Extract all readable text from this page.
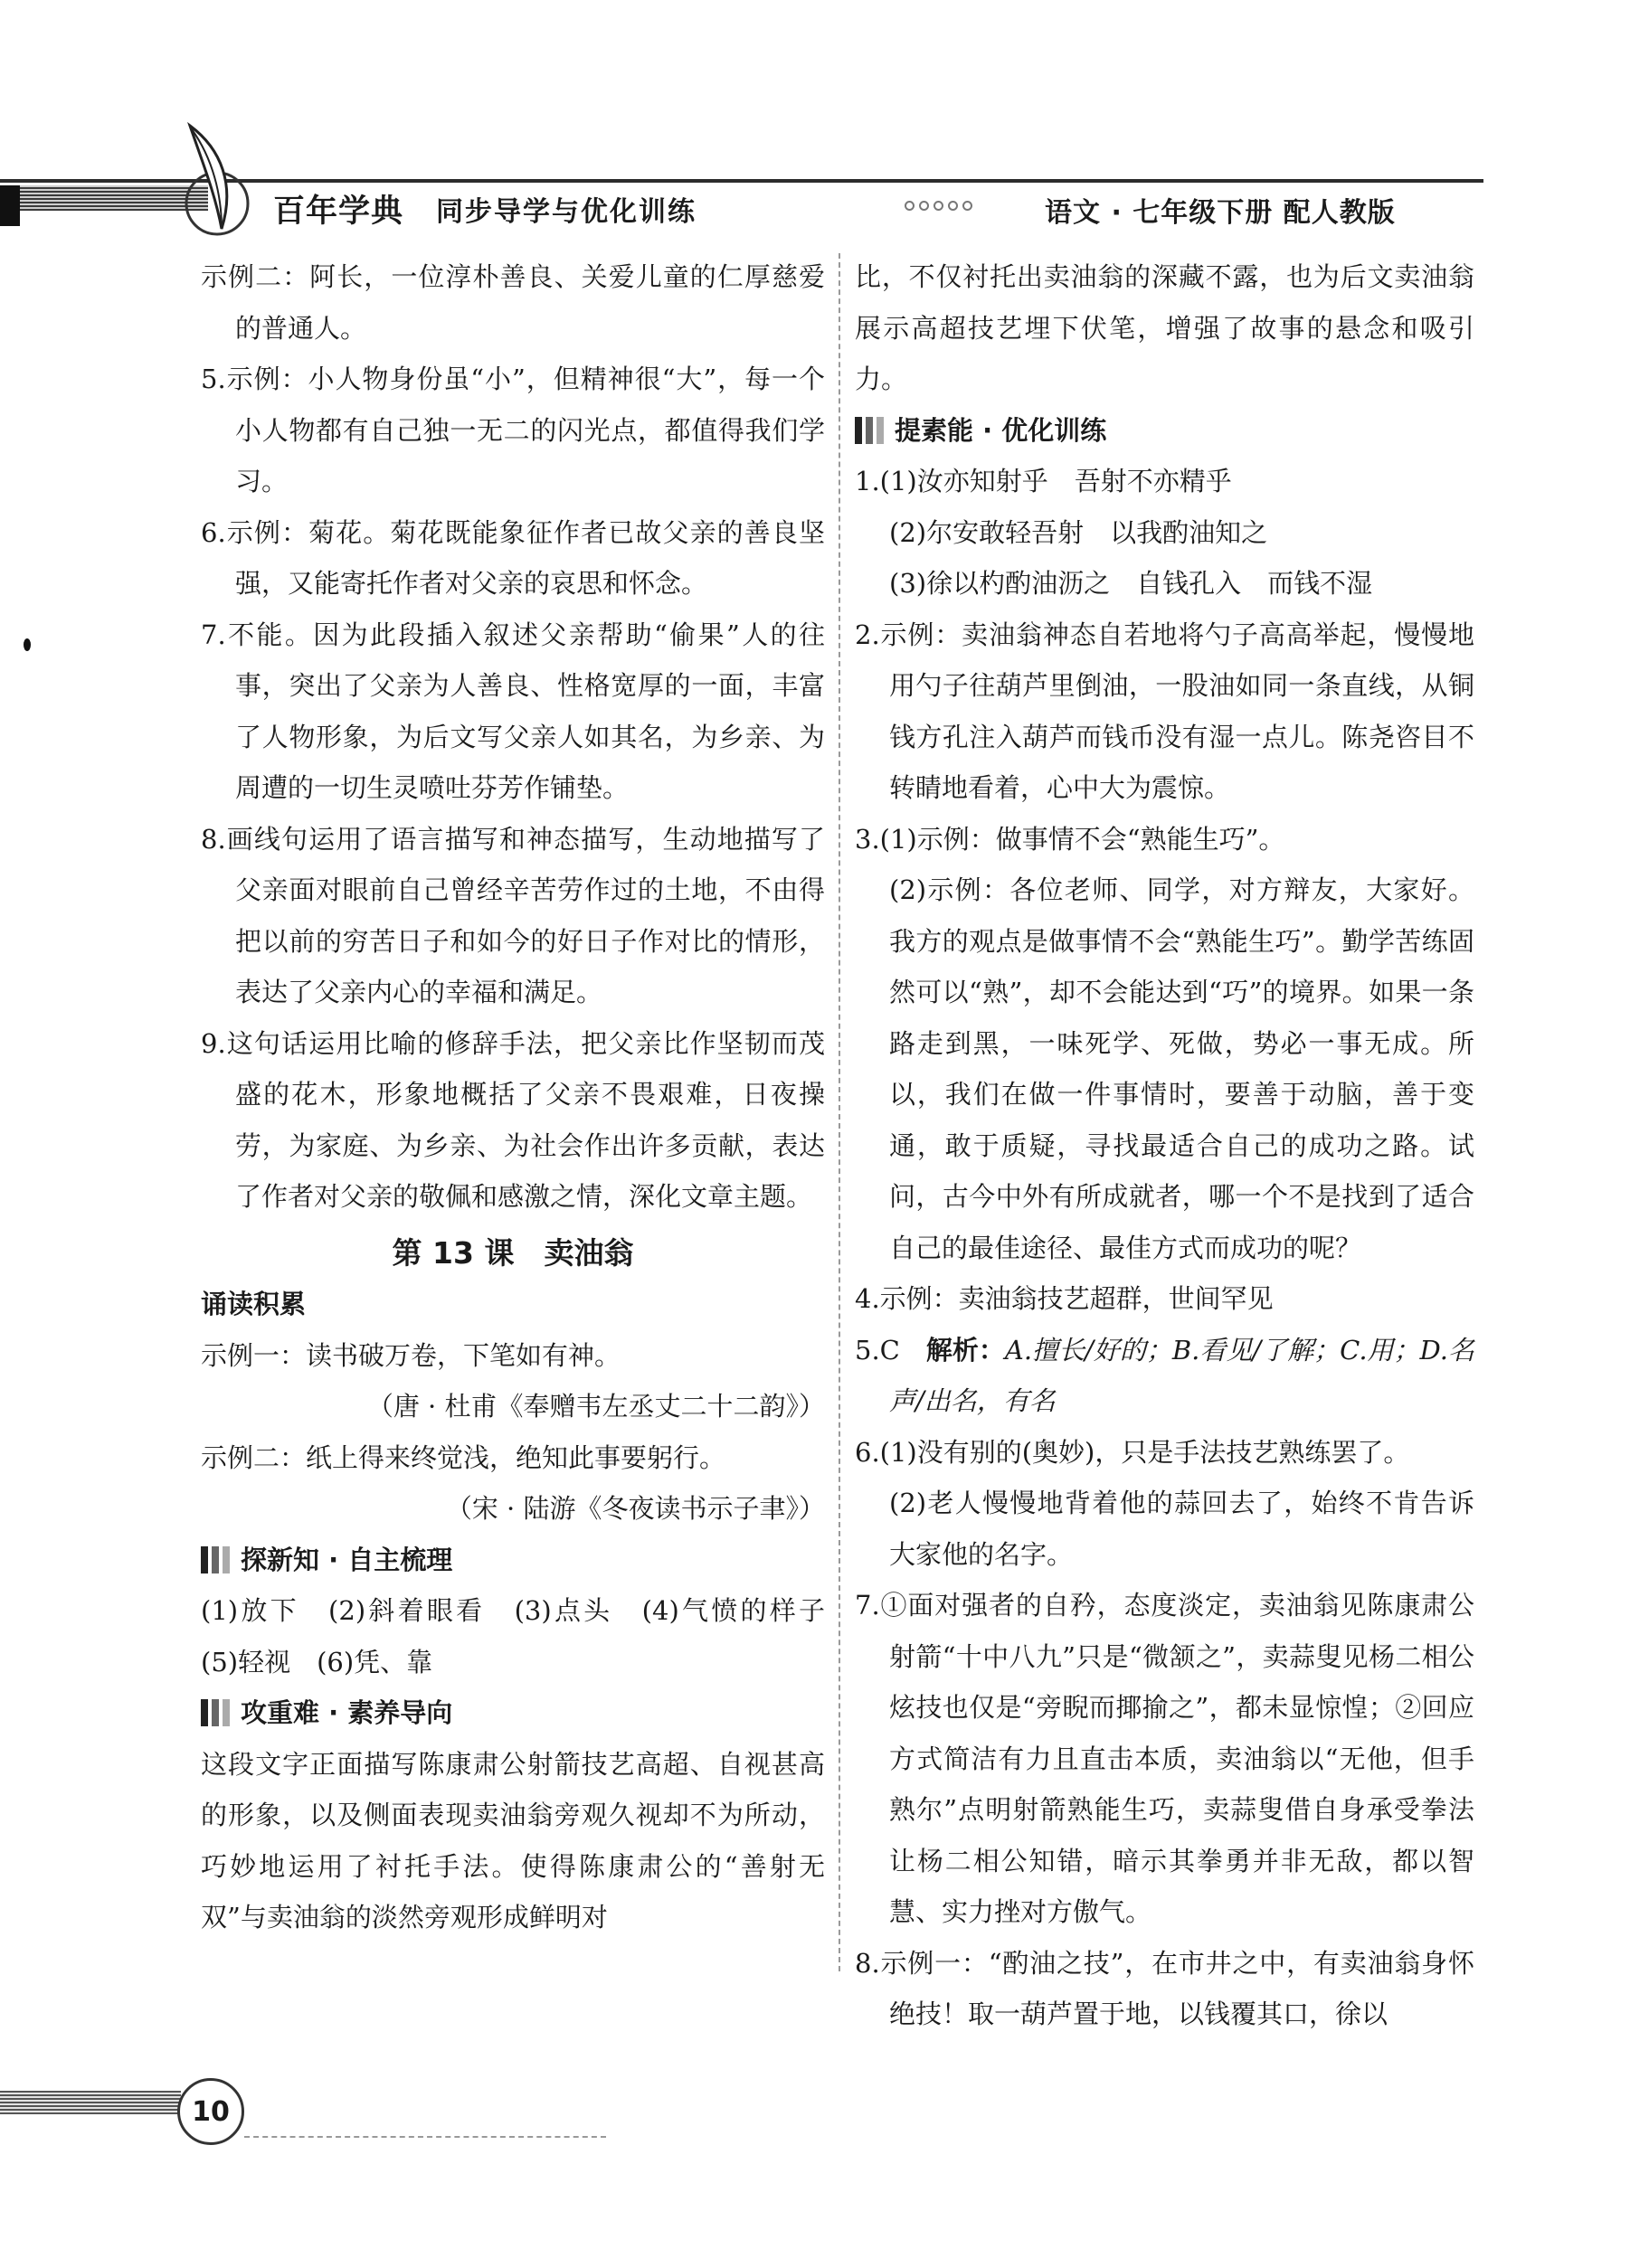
百年学典 同步导学与优化训练	语文 · 七年级下册 配人教版

示例二：阿长，一位淳朴善良、关爱儿童的仁厚慈爱的普通人。

5.示例：小人物身份虽“小”，但精神很“大”，每一个小人物都有自己独一无二的闪光点，都值得我们学习。

6.示例：菊花。菊花既能象征作者已故父亲的善良坚强，又能寄托作者对父亲的哀思和怀念。

7.不能。因为此段插入叙述父亲帮助“偷果”人的往事，突出了父亲为人善良、性格宽厚的一面，丰富了人物形象，为后文写父亲人如其名，为乡亲、为周遭的一切生灵喷吐芬芳作铺垫。

8.画线句运用了语言描写和神态描写，生动地描写了父亲面对眼前自己曾经辛苦劳作过的土地，不由得把以前的穷苦日子和如今的好日子作对比的情形，表达了父亲内心的幸福和满足。

9.这句话运用比喻的修辞手法，把父亲比作坚韧而茂盛的花木，形象地概括了父亲不畏艰难，日夜操劳，为家庭、为乡亲、为社会作出许多贡献，表达了作者对父亲的敬佩和感激之情，深化文章主题。

第 13 课　卖油翁

诵读积累

示例一：读书破万卷，下笔如有神。

（唐 · 杜甫《奉赠韦左丞丈二十二韵》）

示例二：纸上得来终觉浅，绝知此事要躬行。

（宋 · 陆游《冬夜读书示子聿》）

探新知 · 自主梳理

(1)放下　(2)斜着眼看　(3)点头　(4)气愤的样子　(5)轻视　(6)凭、靠

攻重难 · 素养导向

这段文字正面描写陈康肃公射箭技艺高超、自视甚高的形象，以及侧面表现卖油翁旁观久视却不为所动，巧妙地运用了衬托手法。使得陈康肃公的“善射无双”与卖油翁的淡然旁观形成鲜明对

比，不仅衬托出卖油翁的深藏不露，也为后文卖油翁展示高超技艺埋下伏笔，增强了故事的悬念和吸引力。

提素能 · 优化训练

1.(1)汝亦知射乎　吾射不亦精乎

(2)尔安敢轻吾射　以我酌油知之

(3)徐以杓酌油沥之　自钱孔入　而钱不湿

2.示例：卖油翁神态自若地将勺子高高举起，慢慢地用勺子往葫芦里倒油，一股油如同一条直线，从铜钱方孔注入葫芦而钱币没有湿一点儿。陈尧咨目不转睛地看着，心中大为震惊。

3.(1)示例：做事情不会“熟能生巧”。

(2)示例：各位老师、同学，对方辩友，大家好。我方的观点是做事情不会“熟能生巧”。勤学苦练固然可以“熟”，却不会能达到“巧”的境界。如果一条路走到黑，一味死学、死做，势必一事无成。所以，我们在做一件事情时，要善于动脑，善于变通，敢于质疑，寻找最适合自己的成功之路。试问，古今中外有所成就者，哪一个不是找到了适合自己的最佳途径、最佳方式而成功的呢？

4.示例：卖油翁技艺超群，世间罕见

5.C　解析：A.擅长/好的；B.看见/了解；C.用；D.名声/出名，有名

6.(1)没有别的(奥妙)，只是手法技艺熟练罢了。

(2)老人慢慢地背着他的蒜回去了，始终不肯告诉大家他的名字。

7.①面对强者的自矜，态度淡定，卖油翁见陈康肃公射箭“十中八九”只是“微颔之”，卖蒜叟见杨二相公炫技也仅是“旁睨而揶揄之”，都未显惊惶；②回应方式简洁有力且直击本质，卖油翁以“无他，但手熟尔”点明射箭熟能生巧，卖蒜叟借自身承受拳法让杨二相公知错，暗示其拳勇并非无敌，都以智慧、实力挫对方傲气。

8.示例一：“酌油之技”，在市井之中，有卖油翁身怀绝技！取一葫芦置于地，以钱覆其口，徐以

10
